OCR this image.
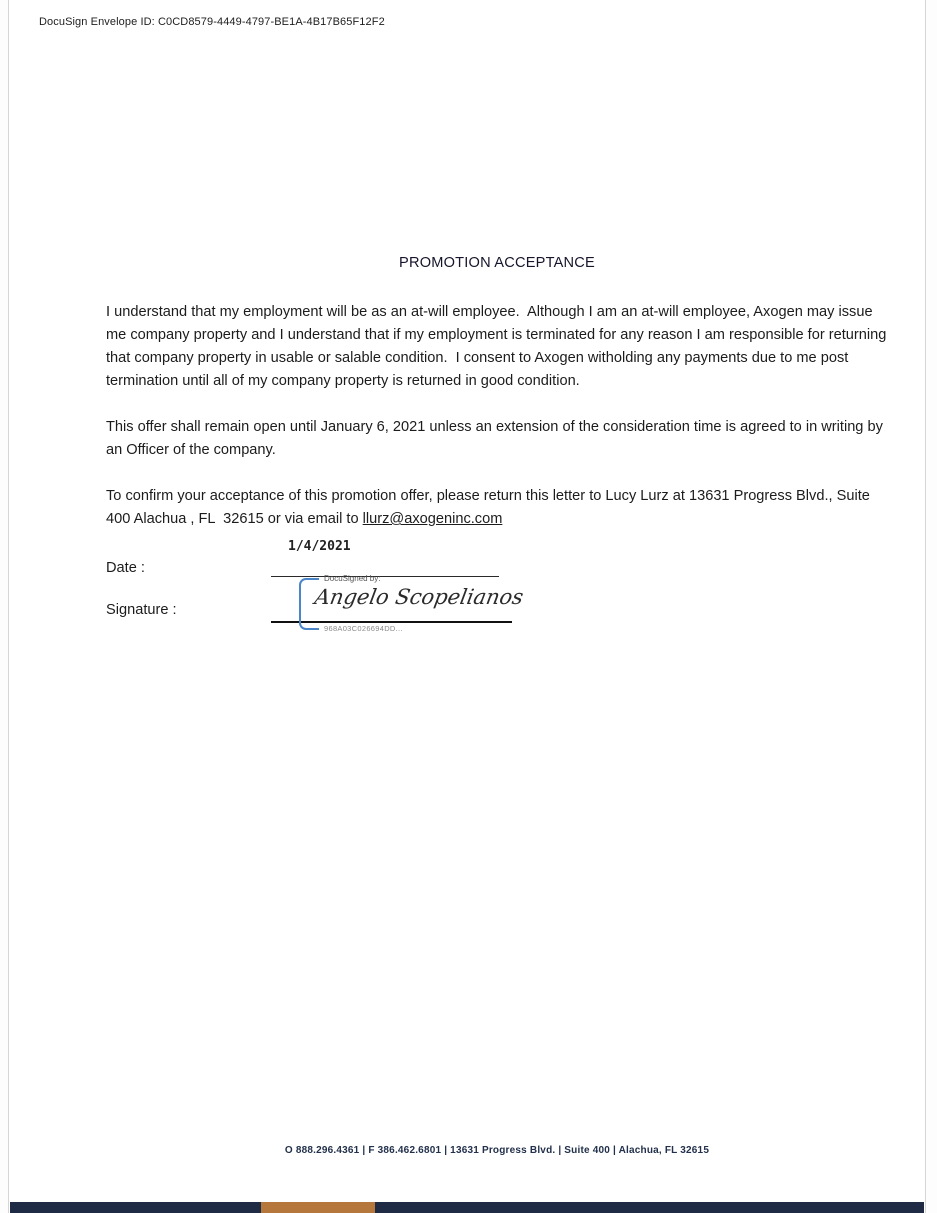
DocuSign Envelope ID: C0CD8579-4449-4797-BE1A-4B17B65F12F2
PROMOTION ACCEPTANCE
I understand that my employment will be as an at-will employee.  Although I am an at-will employee, Axogen may issue me company property and I understand that if my employment is terminated for any reason I am responsible for returning that company property in usable or salable condition.  I consent to Axogen witholding any payments due to me post termination until all of my company property is returned in good condition.
This offer shall remain open until January 6, 2021 unless an extension of the consideration time is agreed to in writing by an Officer of the company.
To confirm your acceptance of this promotion offer, please return this letter to Lucy Lurz at 13631 Progress Blvd., Suite 400 Alachua , FL  32615 or via email to llurz@axogeninc.com
1/4/2021
Date :
Signature :
DocuSigned by:
Angelo Scopelianos
968A03C026694DD...
O 888.296.4361 | F 386.462.6801 | 13631 Progress Blvd. | Suite 400 | Alachua, FL 32615
